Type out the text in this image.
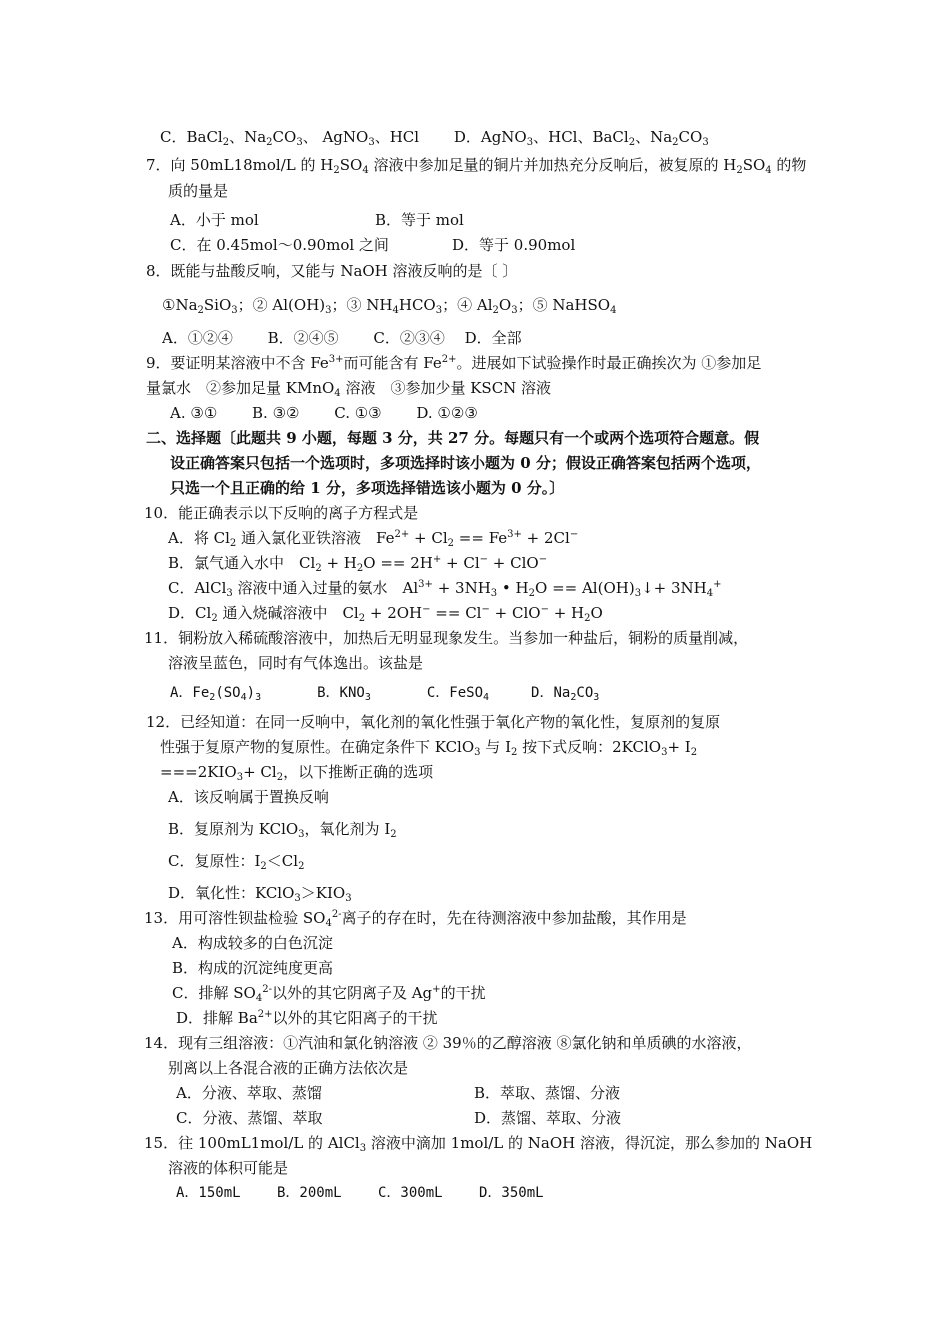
C．BaCl$_2$、$Na_2CO_3$、 AgNO$_3$、HCl　　 D．AgNO$_3$、HCl、BaCl$_2$、$Na_2CO_3$
7．向 50mL18mol/L 的 $H_2SO_4$ 溶液中参加足量的铜片并加热充分反响后，被复原的 $H_2SO_4$ 的物
质的量是
A．小于 mol	B．等于 mol
C．在 0.45mol～0.90mol 之间	D．等于 0.90mol
8．既能与盐酸反响，又能与 NaOH 溶液反响的是〔 〕
$①Na_2SiO_3$；② $Al(OH)_3$；③ $NH_4HCO_3$；④ $Al_2O_3$；⑤ NaHSO$_4$
A．①②④　　 B．②④⑤　　 C．②③④　 D．全部
9．要证明某溶液中不含 $Fe^{3+}$而可能含有 $Fe^{2+}$。进展如下试验操作时最正确挨次为 ①参加足
量氯水　②参加足量 KMnO$_4$ 溶液　③参加少量 KSCN 溶液
A. ③①　　 B. ③②　　 C. ①③　　 D. ①②③
二、选择题〔此题共 9 小题，每题 3 分，共 27 分。每题只有一个或两个选项符合题意。假
设正确答案只包括一个选项时，多项选择时该小题为 0 分；假设正确答案包括两个选项，
只选一个且正确的给 1 分，多项选择错选该小题为 0 分。〕
10．能正确表示以下反响的离子方程式是
A．将 $Cl_2$ 通入氯化亚铁溶液　$Fe^{2+} + Cl_2 == Fe^{3+} + 2Cl^-$
B．氯气通入水中　$Cl_2 + H_2O == 2H^+ + Cl^- + ClO^-$
C．AlCl$_3$ 溶液中通入过量的氨水　$Al^{3+} + 3NH_3$ • $H_2O$ == $Al(OH)_3↓+ 3NH_4^+$
D．$Cl_2$ 通入烧碱溶液中　$Cl_2 + 2OH^- == Cl^- + ClO^- + H_2O$
11．铜粉放入稀硫酸溶液中，加热后无明显现象发生。当参加一种盐后，铜粉的质量削减，
溶液呈蓝色，同时有气体逸出。该盐是
A．$Fe_2(SO_4)_3$　　　　B．$KNO_3$　　　　C．FeSO$_4$　　　D．$Na_2CO_3$
12．已经知道：在同一反响中，氧化剂的氧化性强于氧化产物的氧化性，复原剂的复原
性强于复原产物的复原性。在确定条件下 KClO$_3$ 与 $I_2$ 按下式反响：2KClO$_3$+ $I_2$
$===2KIO_3+ Cl_2$，以下推断正确的选项
A．该反响属于置换反响
B．复原剂为 KClO$_3$，氧化剂为 $I_2$
C．复原性：$I_2<Cl_2$
D．氧化性：$KClO_3>KIO_3$
13．用可溶性钡盐检验 $SO_4^{2-}$离子的存在时，先在待测溶液中参加盐酸，其作用是
A．构成较多的白色沉淀
B．构成的沉淀纯度更高
C．排解 $SO_4^{2-}$以外的其它阴离子及 Ag+的干扰
D．排解 $Ba^{2+}$以外的其它阳离子的干扰
14．现有三组溶液：①汽油和氯化钠溶液 ② 39％的乙醇溶液 ⑧氯化钠和单质碘的水溶液，
别离以上各混合液的正确方法依次是
A．分液、萃取、蒸馏	B．萃取、蒸馏、分液
C．分液、蒸馏、萃取	D．蒸馏、萃取、分液
15．往 100mL1mol/L 的 AlCl$_3$ 溶液中滴加 1mol/L 的 NaOH 溶液，得沉淀，那么参加的 NaOH
溶液的体积可能是
A．150mL　　 B．200mL　　 C．300mL　　 D．350mL
